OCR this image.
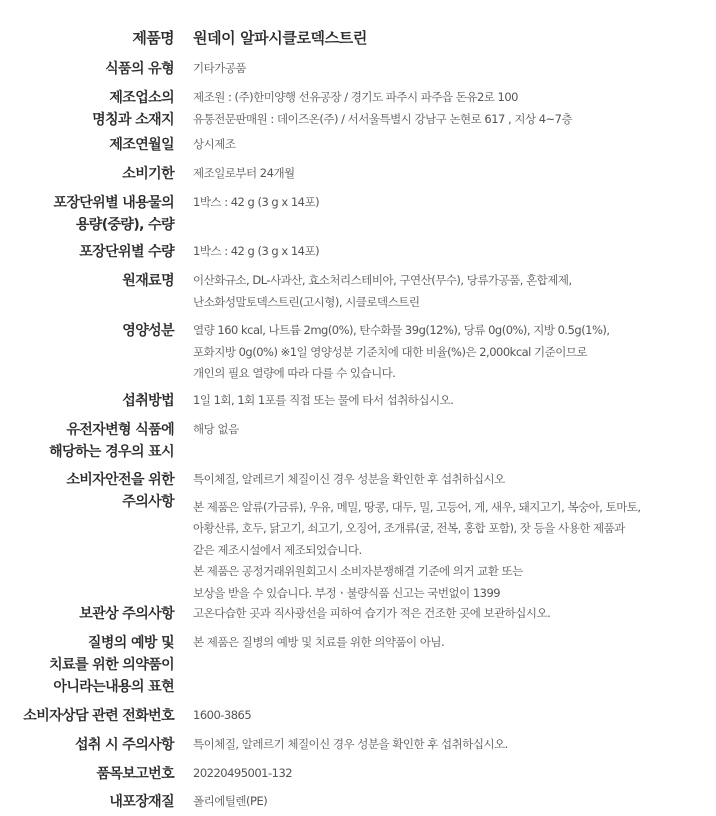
제품명 원데이 알파시클로덱스트린
식품의 유형 기타가공품
제조업소의
명칭과 소재지
제조원 : (주)한미양행 선유공장 / 경기도 파주시 파주읍 돈유2로 100
유통전문판매원 : 데이즈온(주) / 서서울특별시 강남구 논현로 617 , 지상 4~7층
제조연월일 상시제조
소비기한 제조일로부터 24개월
포장단위별 내용물의
용량(중량), 수량
1박스 : 42 g (3 g x 14포)
포장단위별 수량 1박스 : 42 g (3 g x 14포)
원재료명 이산화규소, DL-사과산, 효소처리스테비아, 구연산(무수), 당류가공품, 혼합제제,
난소화성말토덱스트린(고시형), 시클로덱스트린
영양성분 열량 160 kcal, 나트륨 2mg(0%), 탄수화물 39g(12%), 당류 0g(0%), 지방 0.5g(1%),
포화지방 0g(0%) ※1일 영양성분 기준치에 대한 비율(%)은 2,000kcal 기준이므로
개인의 필요 열량에 따라 다를 수 있습니다.
섭취방법 1일 1회, 1회 1포를 직접 또는 물에 타서 섭취하십시오.
유전자변형 식품에
해당하는 경우의 표시
해당 없음
소비자안전을 위한
주의사항
특이체질, 알레르기 체질이신 경우 성분을 확인한 후 섭취하십시오
본 제품은 알류(가금류), 우유, 메밀, 땅콩, 대두, 밀, 고등어, 게, 새우, 돼지고기, 복숭아, 토마토,
아황산류, 호두, 닭고기, 쇠고기, 오징어, 조개류(굴, 전복, 홍합 포함), 잣 등을 사용한 제품과
같은 제조시설에서 제조되었습니다.
본 제품은 공정거래위원회고시 소비자분쟁해결 기준에 의거 교환 또는
보상을 받을 수 있습니다. 부정ㆍ불량식품 신고는 국번없이 1399
보관상 주의사항 고온다습한 곳과 직사광선을 피하여 습기가 적은 건조한 곳에 보관하십시오.
질병의 예방 및
치료를 위한 의약품이
아니라는내용의 표현
본 제품은 질병의 예방 및 치료를 위한 의약품이 아님.
소비자상담 관련 전화번호 1600-3865
섭취 시 주의사항 특이체질, 알레르기 체질이신 경우 성분을 확인한 후 섭취하십시오.
품목보고번호 20220495001-132
내포장재질 폴리에틸렌(PE)
